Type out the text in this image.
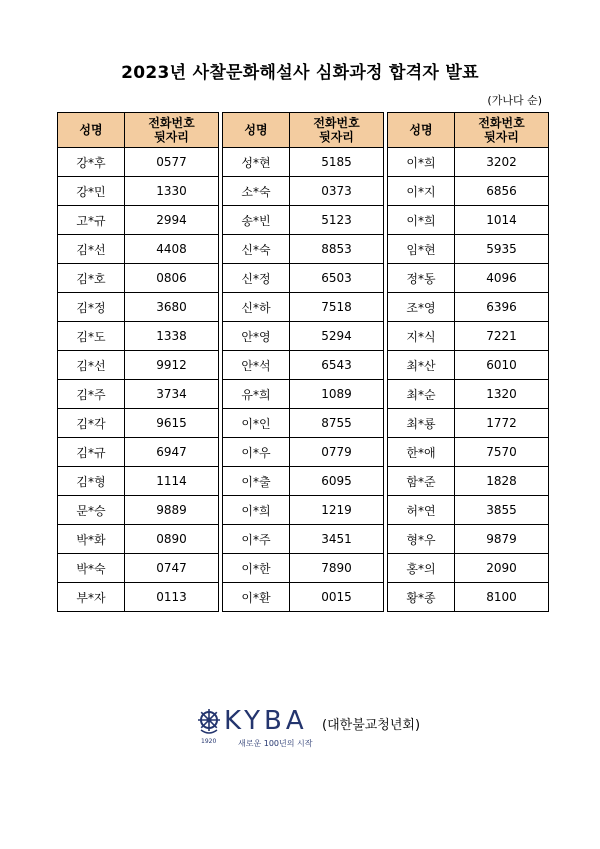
2023년 사찰문화해설사 심화과정 합격자 발표
(가나다 순)
성명	전화번호
뒷자리
강*후	0577
강*민	1330
고*규	2994
김*선	4408
김*호	0806
김*정	3680
김*도	1338
김*선	9912
김*주	3734
김*각	9615
김*규	6947
김*형	1114
문*승	9889
박*화	0890
박*숙	0747
부*자	0113
성명	전화번호
뒷자리
성*현	5185
소*숙	0373
송*빈	5123
신*숙	8853
신*정	6503
신*하	7518
안*영	5294
안*석	6543
유*희	1089
이*인	8755
이*우	0779
이*출	6095
이*희	1219
이*주	3451
이*한	7890
이*환	0015
성명	전화번호
뒷자리
이*희	3202
이*지	6856
이*희	1014
임*현	5935
정*동	4096
조*영	6396
지*식	7221
최*산	6010
최*순	1320
최*룡	1772
한*애	7570
함*준	1828
허*연	3855
형*우	9879
홍*의	2090
황*종	8100
1920
KYBA (대한불교청년회)
새로운 100년의 시작
